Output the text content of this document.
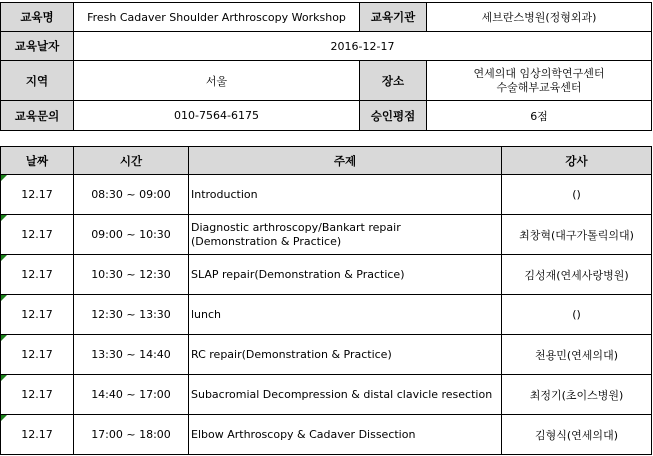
교육명	Fresh Cadaver Shoulder Arthroscopy Workshop	교육기관	세브란스병원(정형외과)
교육날자	2016-12-17		
지역	서울	장소	연세의대 임상의학연구센터
수술해부교육센터

교육문의	010-7564-6175	승인평점	6점
날짜	시간	주제	강사

12.17	08:30 ~ 09:00	Introduction	()

12.17	09:00 ~ 10:30	Diagnostic arthroscopy/Bankart repair
(Demonstration & Practice)	최창혁(대구가톨릭의대)

12.17	10:30 ~ 12:30	SLAP repair(Demonstration & Practice)	김성재(연세사랑병원)

12.17	12:30 ~ 13:30	lunch	()

12.17	13:30 ~ 14:40	RC repair(Demonstration & Practice)	천용민(연세의대)

12.17	14:40 ~ 17:00	Subacromial Decompression & distal clavicle resection	최정기(초이스병원)

12.17	17:00 ~ 18:00	Elbow Arthroscopy & Cadaver Dissection	김형식(연세의대)
